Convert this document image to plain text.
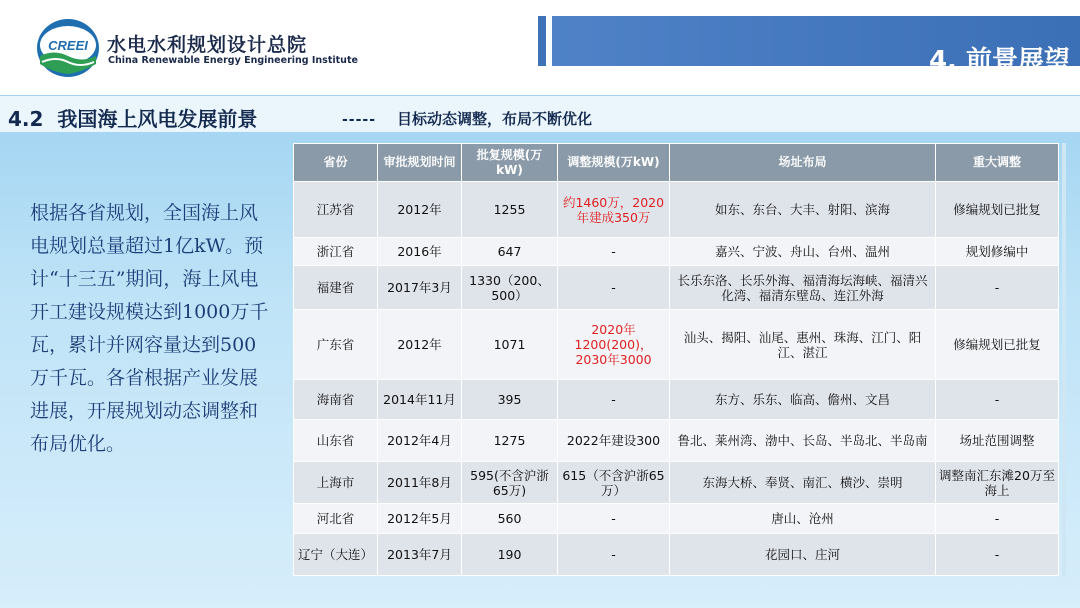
CREEI 水电水利规划设计总院
China Renewable Energy Engineering Institute	4. 前景展望
4.2 我国海上风电发展前景	----- 目标动态调整，布局不断优化
根据各省规划，全国海上风电规划总量超过1亿kW。预计“十三五”期间，海上风电开工建设规模达到1000万千瓦，累计并网容量达到500万千瓦。各省根据产业发展进展，开展规划动态调整和布局优化。
省份	审批规划时间	批复规模(万kW)	调整规模(万kW)	场址布局	重大调整
江苏省	2012年	1255	约1460万，2020年建成350万	如东、东台、大丰、射阳、滨海	修编规划已批复
浙江省	2016年	647	-	嘉兴、宁波、舟山、台州、温州	规划修编中
福建省	2017年3月	1330（200、500）	-	长乐东洛、长乐外海、福清海坛海峡、福清兴化湾、福清东壁岛、连江外海	-
广东省	2012年	1071	2020年1200(200)，2030年3000	汕头、揭阳、汕尾、惠州、珠海、江门、阳江、湛江	修编规划已批复
海南省	2014年11月	395	-	东方、乐东、临高、儋州、文昌	-
山东省	2012年4月	1275	2022年建设300	鲁北、莱州湾、渤中、长岛、半岛北、半岛南	场址范围调整
上海市	2011年8月	595(不含沪浙65万)	615（不含沪浙65万）	东海大桥、奉贤、南汇、横沙、崇明	调整南汇东滩20万至海上
河北省	2012年5月	560	-	唐山、沧州	-
辽宁（大连）	2013年7月	190	-	花园口、庄河	-
